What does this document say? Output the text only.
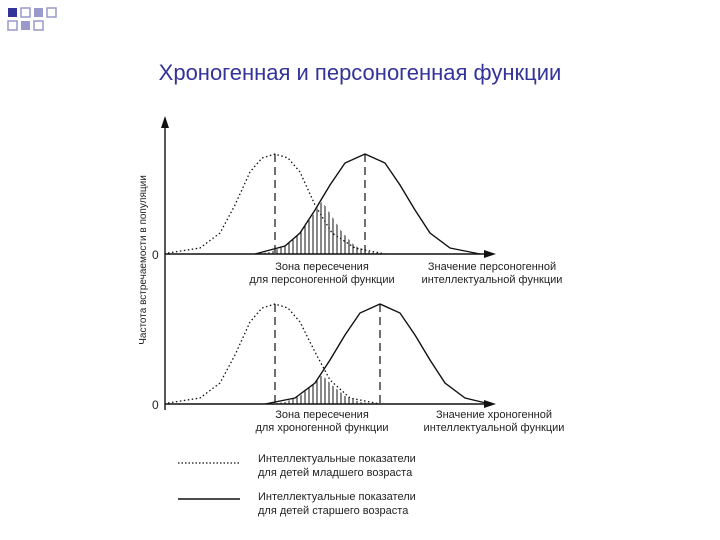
Хроногенная и персоногенная функции
Частота встречаемости в популяции 0
Зона пересечения
для персоногенной функции
Значение персоногенной
интеллектуальной функции
0
Зона пересечения
для хроногенной функции
Значение хроногенной
интеллектуальной функции
Интеллектуальные показатели
для детей младшего возраста
Интеллектуальные показатели
для детей старшего возраста
